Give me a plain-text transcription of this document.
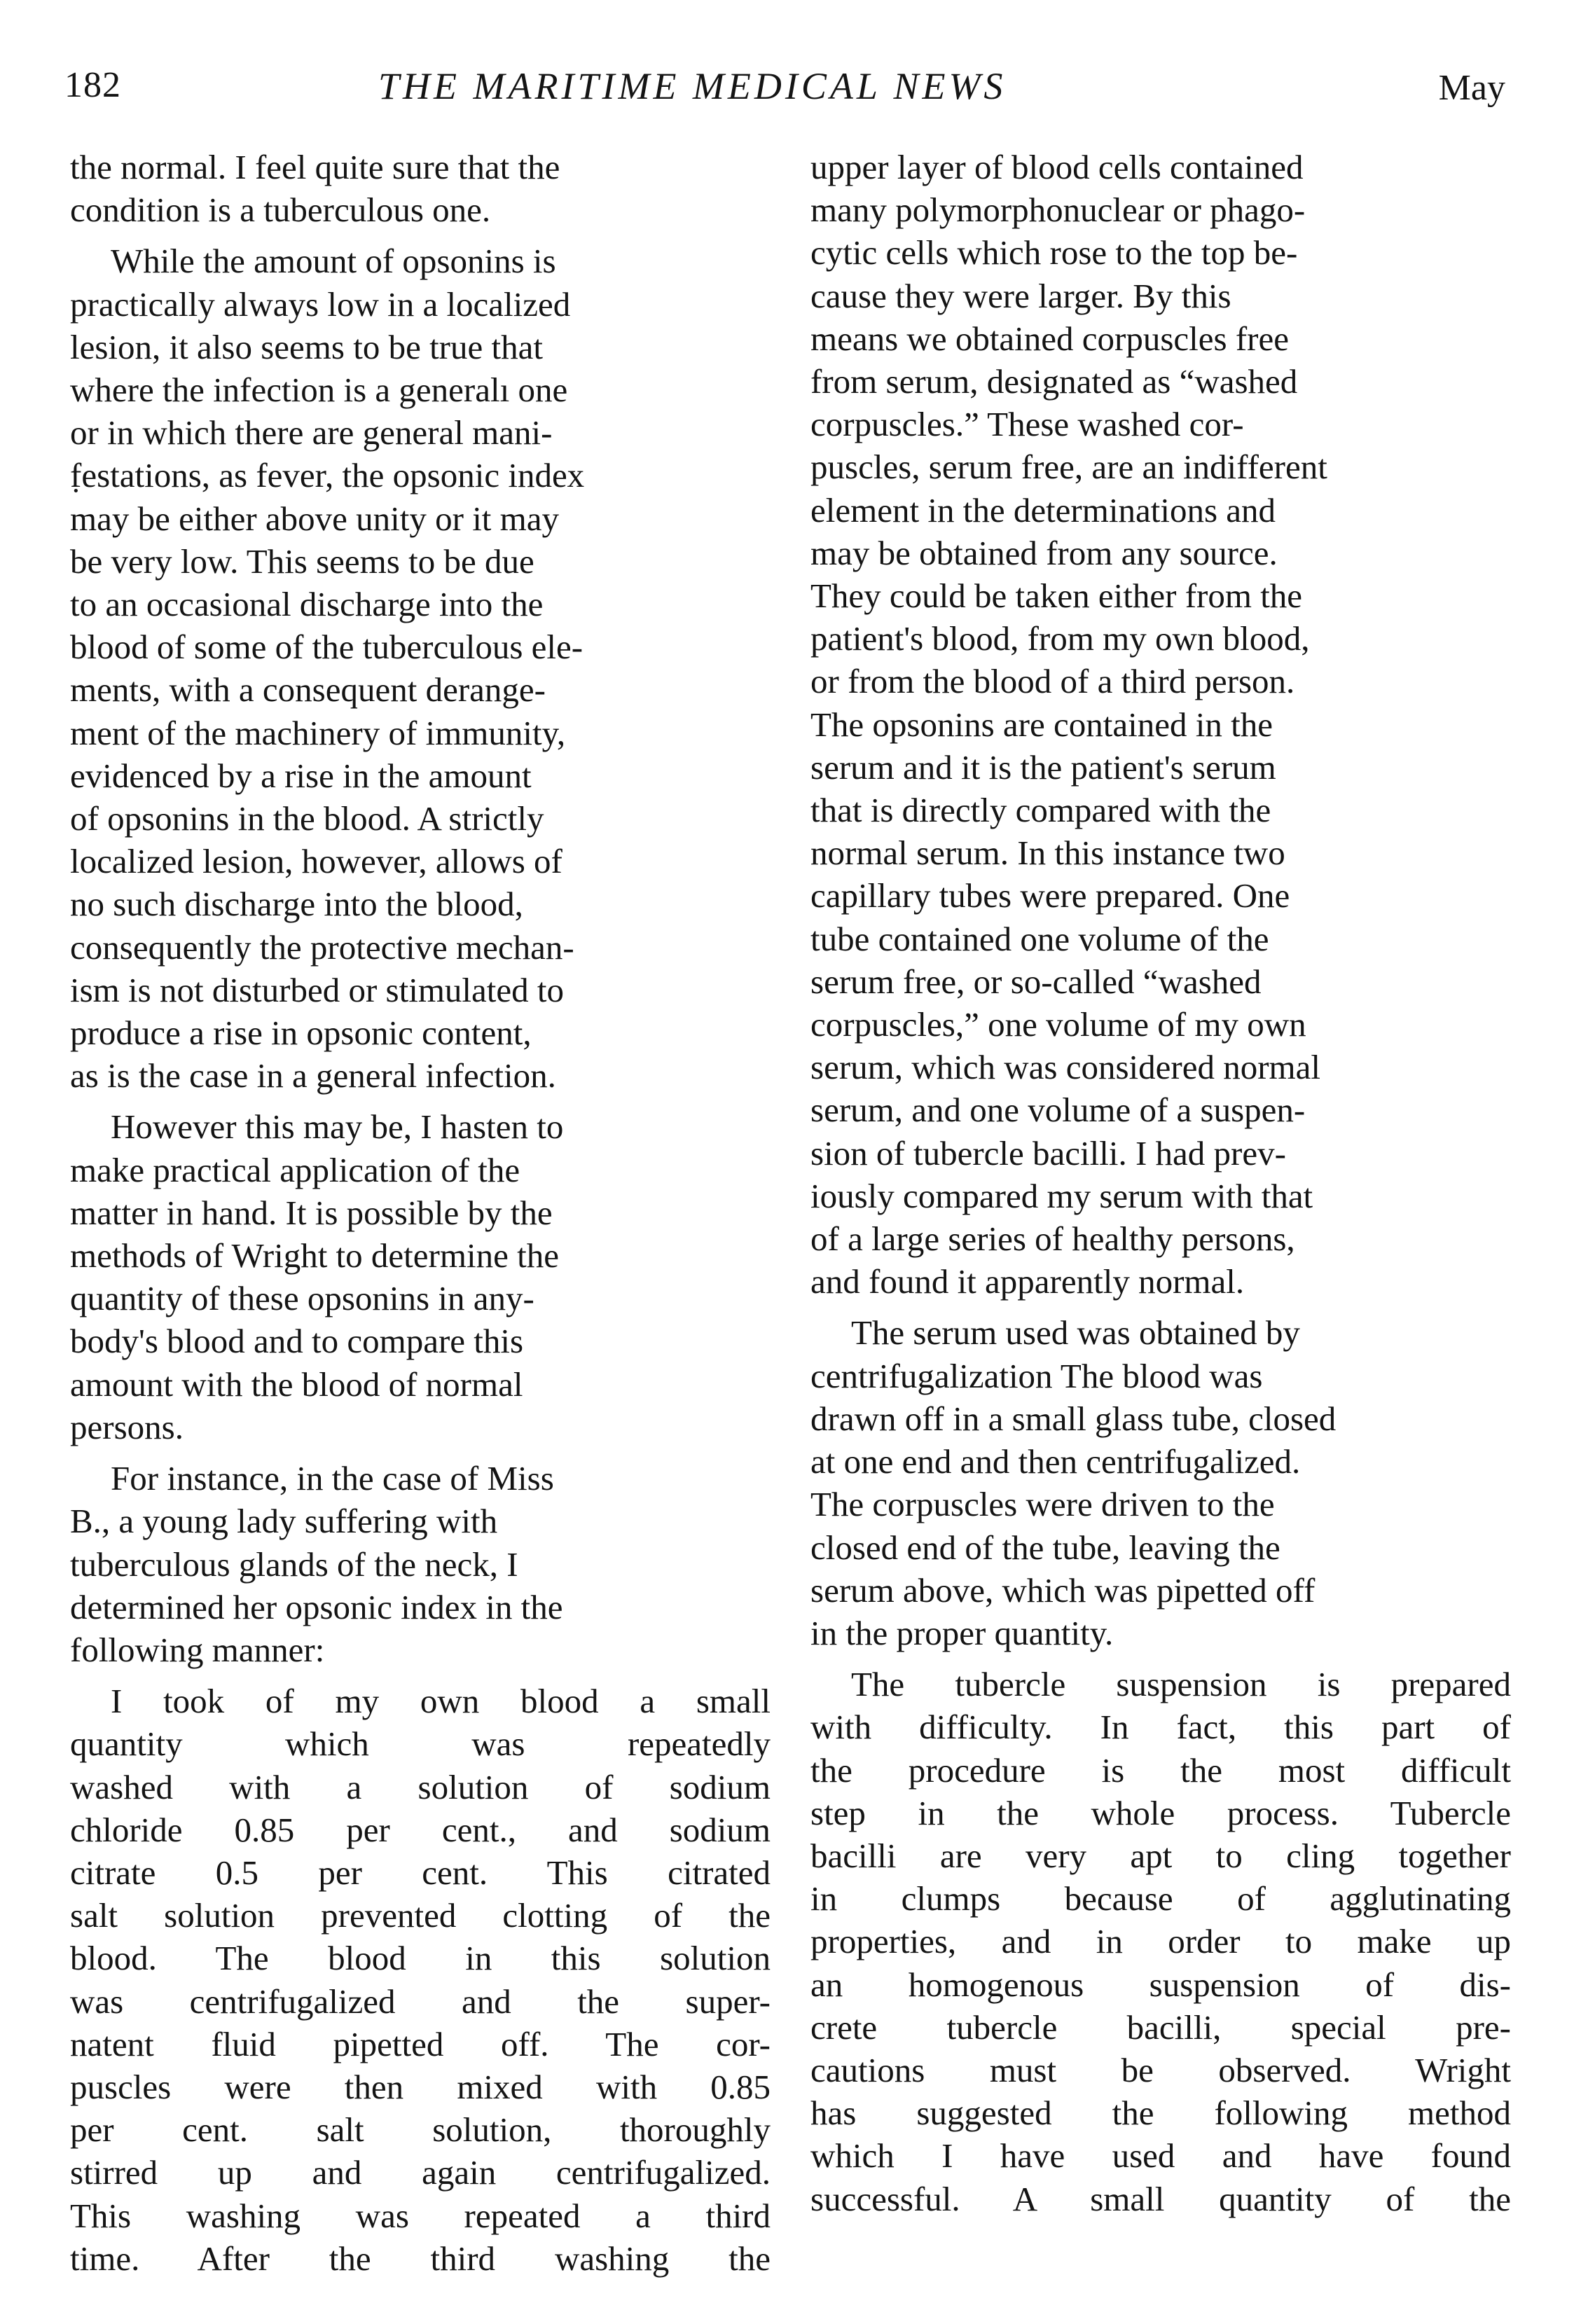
182	THE MARITIME MEDICAL NEWS	May

the normal. I feel quite sure that the
condition is a tuberculous one.

While the amount of opsonins is
practically always low in a localized
lesion, it also seems to be true that
where the infection is a generalı one
or in which there are general mani-
f̣estations, as fever, the opsonic index
may be either above unity or it may
be very low. This seems to be due
to an occasional discharge into the
blood of some of the tuberculous ele-
ments, with a consequent derange-
ment of the machinery of immunity,
evidenced by a rise in the amount
of opsonins in the blood. A strictly
localized lesion, however, allows of
no such discharge into the blood,
consequently the protective mechan-
ism is not disturbed or stimulated to
produce a rise in opsonic content,
as is the case in a general infection.

However this may be, I hasten to
make practical application of the
matter in hand. It is possible by the
methods of Wright to determine the
quantity of these opsonins in any-
body's blood and to compare this
amount with the blood of normal
persons.

For instance, in the case of Miss
B., a young lady suffering with
tuberculous glands of the neck, I
determined her opsonic index in the
following manner:

I took of my own blood a small
quantity which was repeatedly
washed with a solution of sodium
chloride 0.85 per cent., and sodium
citrate 0.5 per cent. This citrated
salt solution prevented clotting of the
blood. The blood in this solution
was centrifugalized and the super-
natent fluid pipetted off. The cor-
puscles were then mixed with 0.85
per cent. salt solution, thoroughly
stirred up and again centrifugalized.
This washing was repeated a third
time. After the third washing the

upper layer of blood cells contained
many polymorphonuclear or phago-
cytic cells which rose to the top be-
cause they were larger. By this
means we obtained corpuscles free
from serum, designated as “washed
corpuscles.” These washed cor-
puscles, serum free, are an indifferent
element in the determinations and
may be obtained from any source.
They could be taken either from the
patient's blood, from my own blood,
or from the blood of a third person.
The opsonins are contained in the
serum and it is the patient's serum
that is directly compared with the
normal serum. In this instance two
capillary tubes were prepared. One
tube contained one volume of the
serum free, or so-called “washed
corpuscles,” one volume of my own
serum, which was considered normal
serum, and one volume of a suspen-
sion of tubercle bacilli. I had prev-
iously compared my serum with that
of a large series of healthy persons,
and found it apparently normal.

The serum used was obtained by
centrifugalization The blood was
drawn off in a small glass tube, closed
at one end and then centrifugalized.
The corpuscles were driven to the
closed end of the tube, leaving the
serum above, which was pipetted off
in the proper quantity.

The tubercle suspension is prepared
with difficulty. In fact, this part of
the procedure is the most difficult
step in the whole process. Tubercle
bacilli are very apt to cling together
in clumps because of agglutinating
properties, and in order to make up
an homogenous suspension of dis-
crete tubercle bacilli, special pre-
cautions must be observed. Wright
has suggested the following method
which I have used and have found
successful. A small quantity of the
